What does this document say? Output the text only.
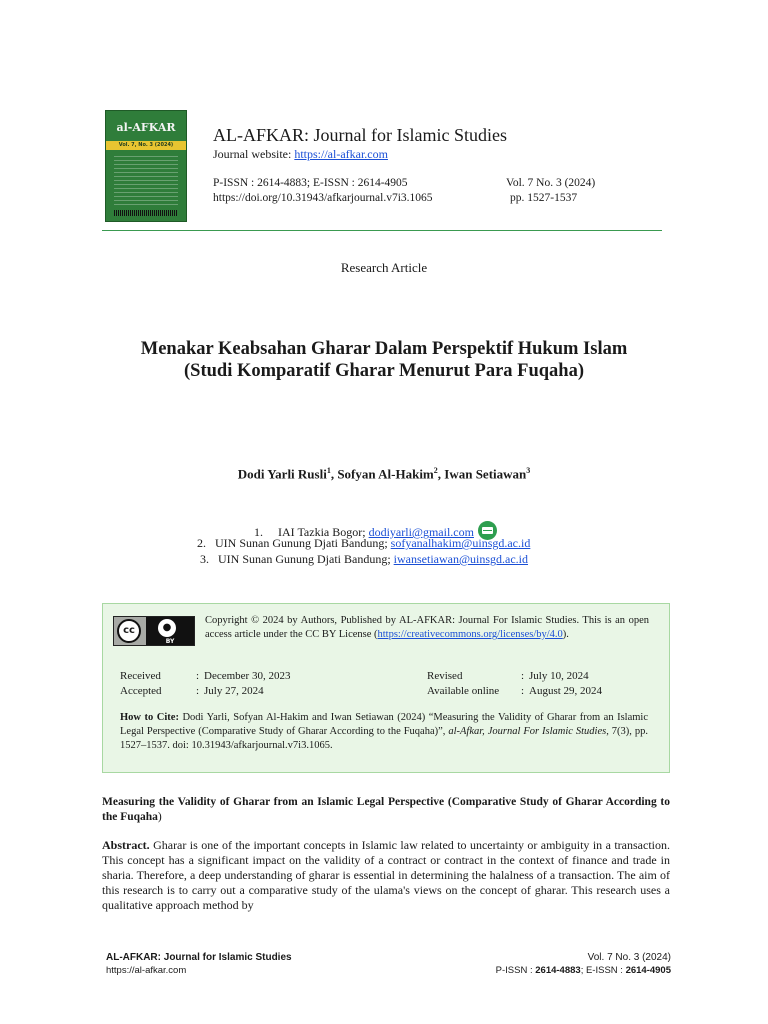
al-AFKAR
Vol. 7, No. 3 (2024)	AL-AFKAR: Journal for Islamic Studies
Journal website: https://al-afkar.com
P-ISSN : 2614-4883; E-ISSN : 2614-4905
https://doi.org/10.31943/afkarjournal.v7i3.1065
Vol. 7 No. 3 (2024)
pp. 1527-1537
Research Article
Menakar Keabsahan Gharar Dalam Perspektif Hukum Islam
(Studi Komparatif Gharar Menurut Para Fuqaha)
Dodi Yarli Rusli$^1$, Sofyan Al-Hakim$^2$, Iwan Setiawan$^3$
1. IAI Tazkia Bogor; dodiyarli@gmail.com
2. UIN Sunan Gunung Djati Bandung; sofyanalhakim@uinsgd.ac.id
3. UIN Sunan Gunung Djati Bandung; iwansetiawan@uinsgd.ac.id
cc	●
BY
Copyright © 2024 by Authors, Published by AL-AFKAR: Journal For Islamic Studies. This is an open access article under the CC BY License (https://creativecommons.org/licenses/by/4.0).
Received	: December 30, 2023	Revised	: July 10, 2024
Accepted	: July 27, 2024	Available online : August 29, 2024
How to Cite: Dodi Yarli, Sofyan Al-Hakim and Iwan Setiawan (2024) “Measuring the Validity of Gharar from an Islamic Legal Perspective (Comparative Study of Gharar According to the Fuqaha)”, al-Afkar, Journal For Islamic Studies, 7(3), pp. 1527–1537. doi: 10.31943/afkarjournal.v7i3.1065.
Measuring the Validity of Gharar from an Islamic Legal Perspective (Comparative Study of Gharar According to the Fuqaha)
Abstract. Gharar is one of the important concepts in Islamic law related to uncertainty or ambiguity in a transaction. This concept has a significant impact on the validity of a contract or contract in the context of finance and trade in sharia. Therefore, a deep understanding of gharar is essential in determining the halalness of a transaction. The aim of this research is to carry out a comparative study of the ulama's views on the concept of gharar. This research uses a qualitative approach method by
AL-AFKAR: Journal for Islamic Studies
https://al-afkar.com
Vol. 7 No. 3 (2024)
P-ISSN : 2614-4883; E-ISSN : 2614-4905
